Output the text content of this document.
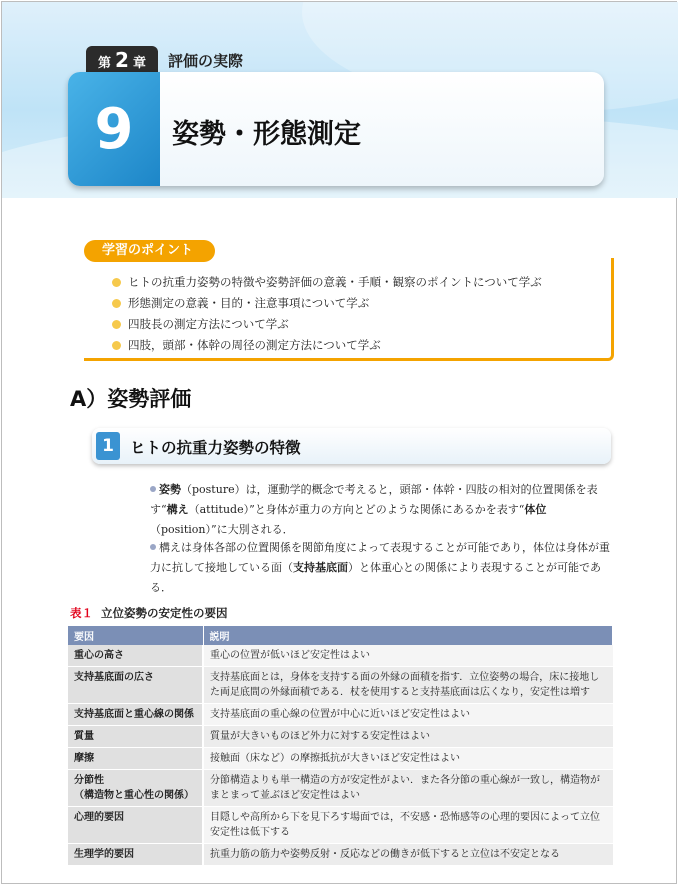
第 2 章 評価の実際
9	姿勢・形態測定
学習のポイント
ヒトの抗重力姿勢の特徴や姿勢評価の意義・手順・観察のポイントについて学ぶ
形態測定の意義・目的・注意事項について学ぶ
四肢長の測定方法について学ぶ
四肢，頭部・体幹の周径の測定方法について学ぶ
A）姿勢評価
1	ヒトの抗重力姿勢の特徴
姿勢（posture）は，運動学的概念で考えると，頭部・体幹・四肢の相対的位置関係を表す“構え（attitude）”と身体が重力の方向とどのような関係にあるかを表す“体位（position）”に大別される．
構えは身体各部の位置関係を関節角度によって表現することが可能であり，体位は身体が重力に抗して接地している面（支持基底面）と体重心との関係により表現することが可能である．
表１ 立位姿勢の安定性の要因
要因	説明
重心の高さ	重心の位置が低いほど安定性はよい
支持基底面の広さ	支持基底面とは，身体を支持する面の外縁の面積を指す．立位姿勢の場合，床に接地した両足底間の外縁面積である．杖を使用すると支持基底面は広くなり，安定性は増す
支持基底面と重心線の関係	支持基底面の重心線の位置が中心に近いほど安定性はよい
質量	質量が大きいものほど外力に対する安定性はよい
摩擦	接触面（床など）の摩擦抵抗が大きいほど安定性はよい
分節性
（構造物と重心性の関係）	分節構造よりも単一構造の方が安定性がよい．また各分節の重心線が一致し，構造物がまとまって並ぶほど安定性はよい
心理的要因	目隠しや高所から下を見下ろす場面では，不安感・恐怖感等の心理的要因によって立位安定性は低下する
生理学的要因	抗重力筋の筋力や姿勢反射・反応などの働きが低下すると立位は不安定となる
